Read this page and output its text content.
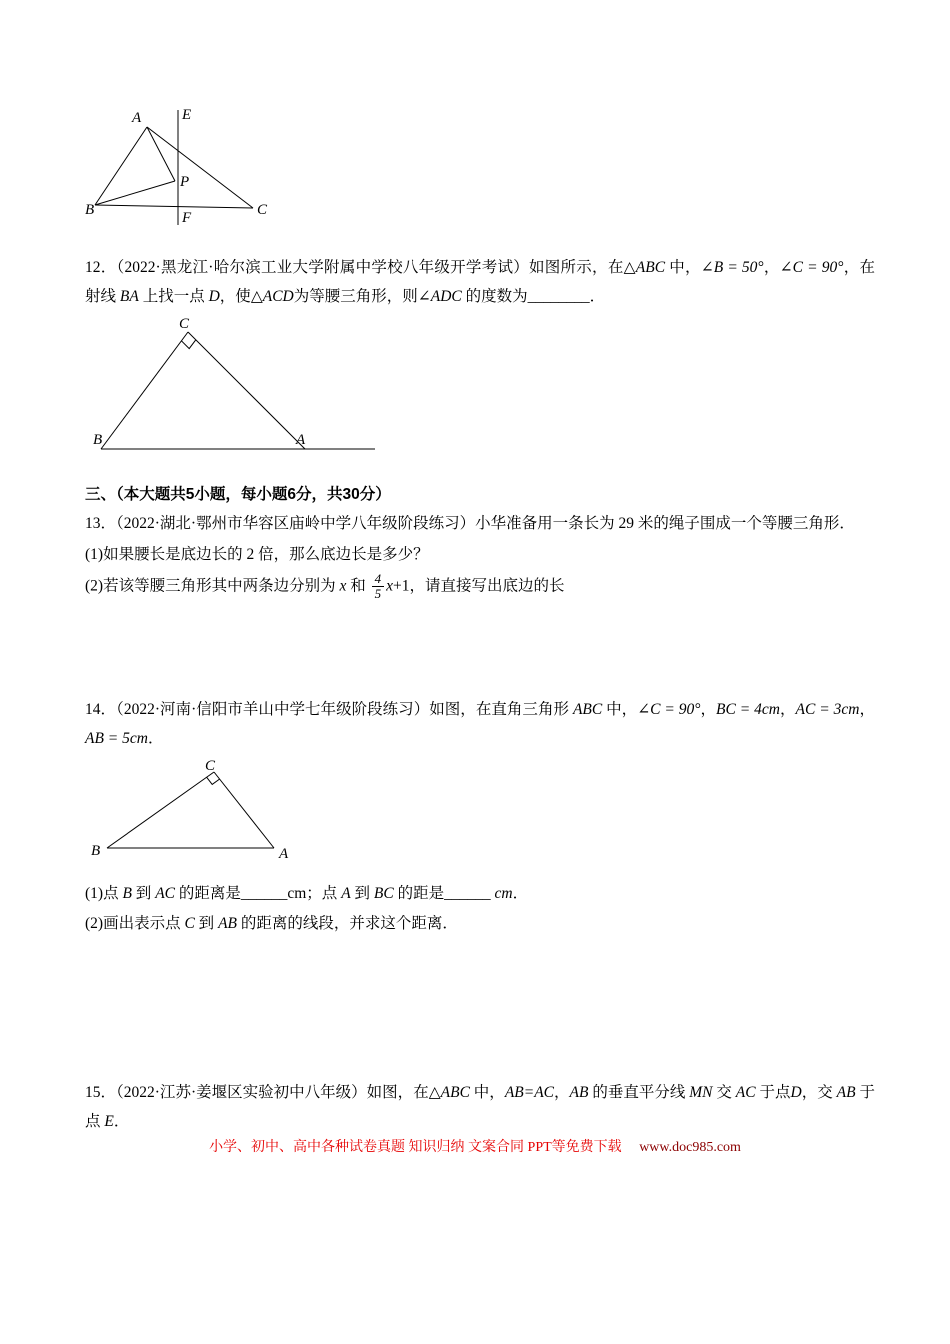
A	E
P
B	F	C

12．（2022·黑龙江·哈尔滨工业大学附属中学校八年级开学考试）如图所示，在△ABC 中，∠B = 50°，∠C = 90°，在射线 BA 上找一点 D，使△ACD为等腰三角形，则∠ADC 的度数为________．

C
B	A
三、（本大题共5小题，每小题6分，共30分）

13．（2022·湖北·鄂州市华容区庙岭中学八年级阶段练习）小华准备用一条长为 29 米的绳子围成一个等腰三角形．

(1)如果腰长是底边长的 2 倍，那么底边长是多少？

(2)若该等腰三角形其中两条边分别为 x 和 $\frac{4}{5} x+1$，请直接写出底边的长

14．（2022·河南·信阳市羊山中学七年级阶段练习）如图，在直角三角形 ABC 中，∠C = 90°，BC = 4cm，AC = 3cm，AB = 5cm．

C
B	A

(1)点 B 到 AC 的距离是______cm；点 A 到 BC 的距是______ cm．

(2)画出表示点 C 到 AB 的距离的线段，并求这个距离．

15．（2022·江苏·姜堰区实验初中八年级）如图，在△ABC 中，AB=AC，AB 的垂直平分线 MN 交 AC 于点D，交 AB 于点 E．

小学、初中、高中各种试卷真题 知识归纳 文案合同 PPT等免费下载 www.doc985.com
